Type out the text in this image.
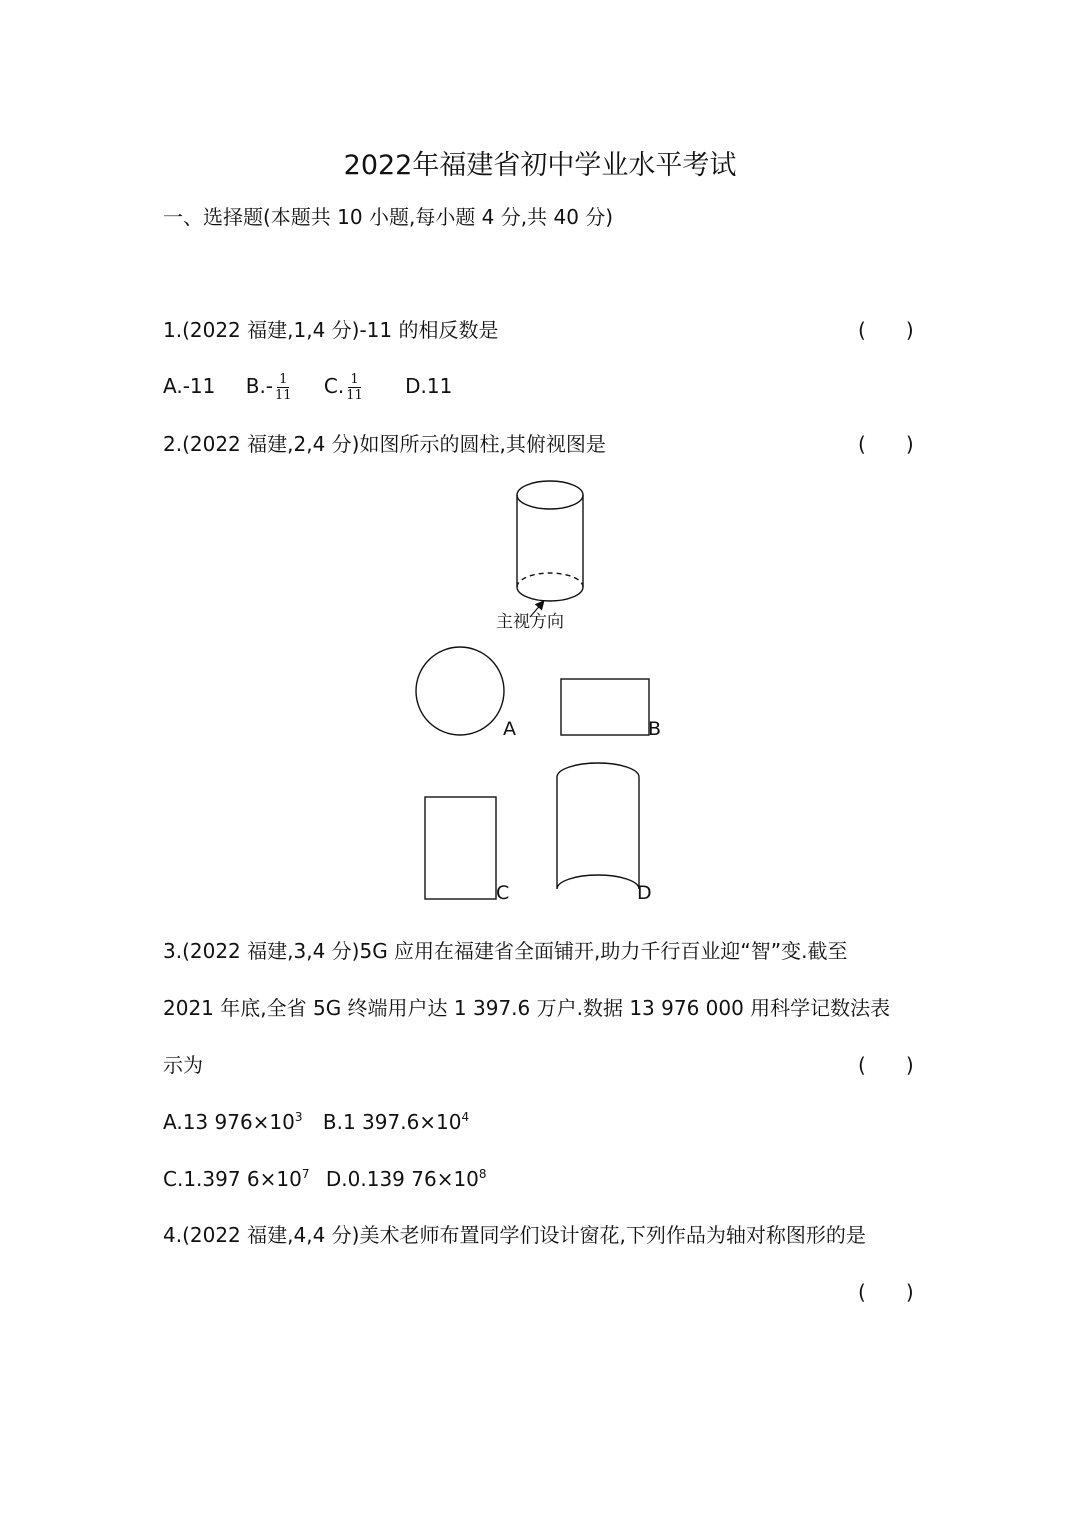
2022年福建省初中学业水平考试
一、选择题(本题共 10 小题,每小题 4 分,共 40 分)
1.(2022 福建,1,4 分)-11 的相反数是	( )
A.-11 $B.- \frac{1}{11} C$. $\frac{1}{11} D.11$
2.(2022 福建,2,4 分)如图所示的圆柱,其俯视图是	( )
主视方向
A	B
C	D
3.(2022 福建,3,4 分)5G 应用在福建省全面铺开,助力千行百业迎“智”变.截至
2021 年底,全省 5G 终端用户达 1 397.6 万户.数据 13 976 000 用科学记数法表
示为	( )
A.13 $976\times 10^3$ B.1 $397.6\times 10^4$
C.1.397 $6\times 10^7$ D.0.139 $76\times 10^8$
4.(2022 福建,4,4 分)美术老师布置同学们设计窗花,下列作品为轴对称图形的是
( )
